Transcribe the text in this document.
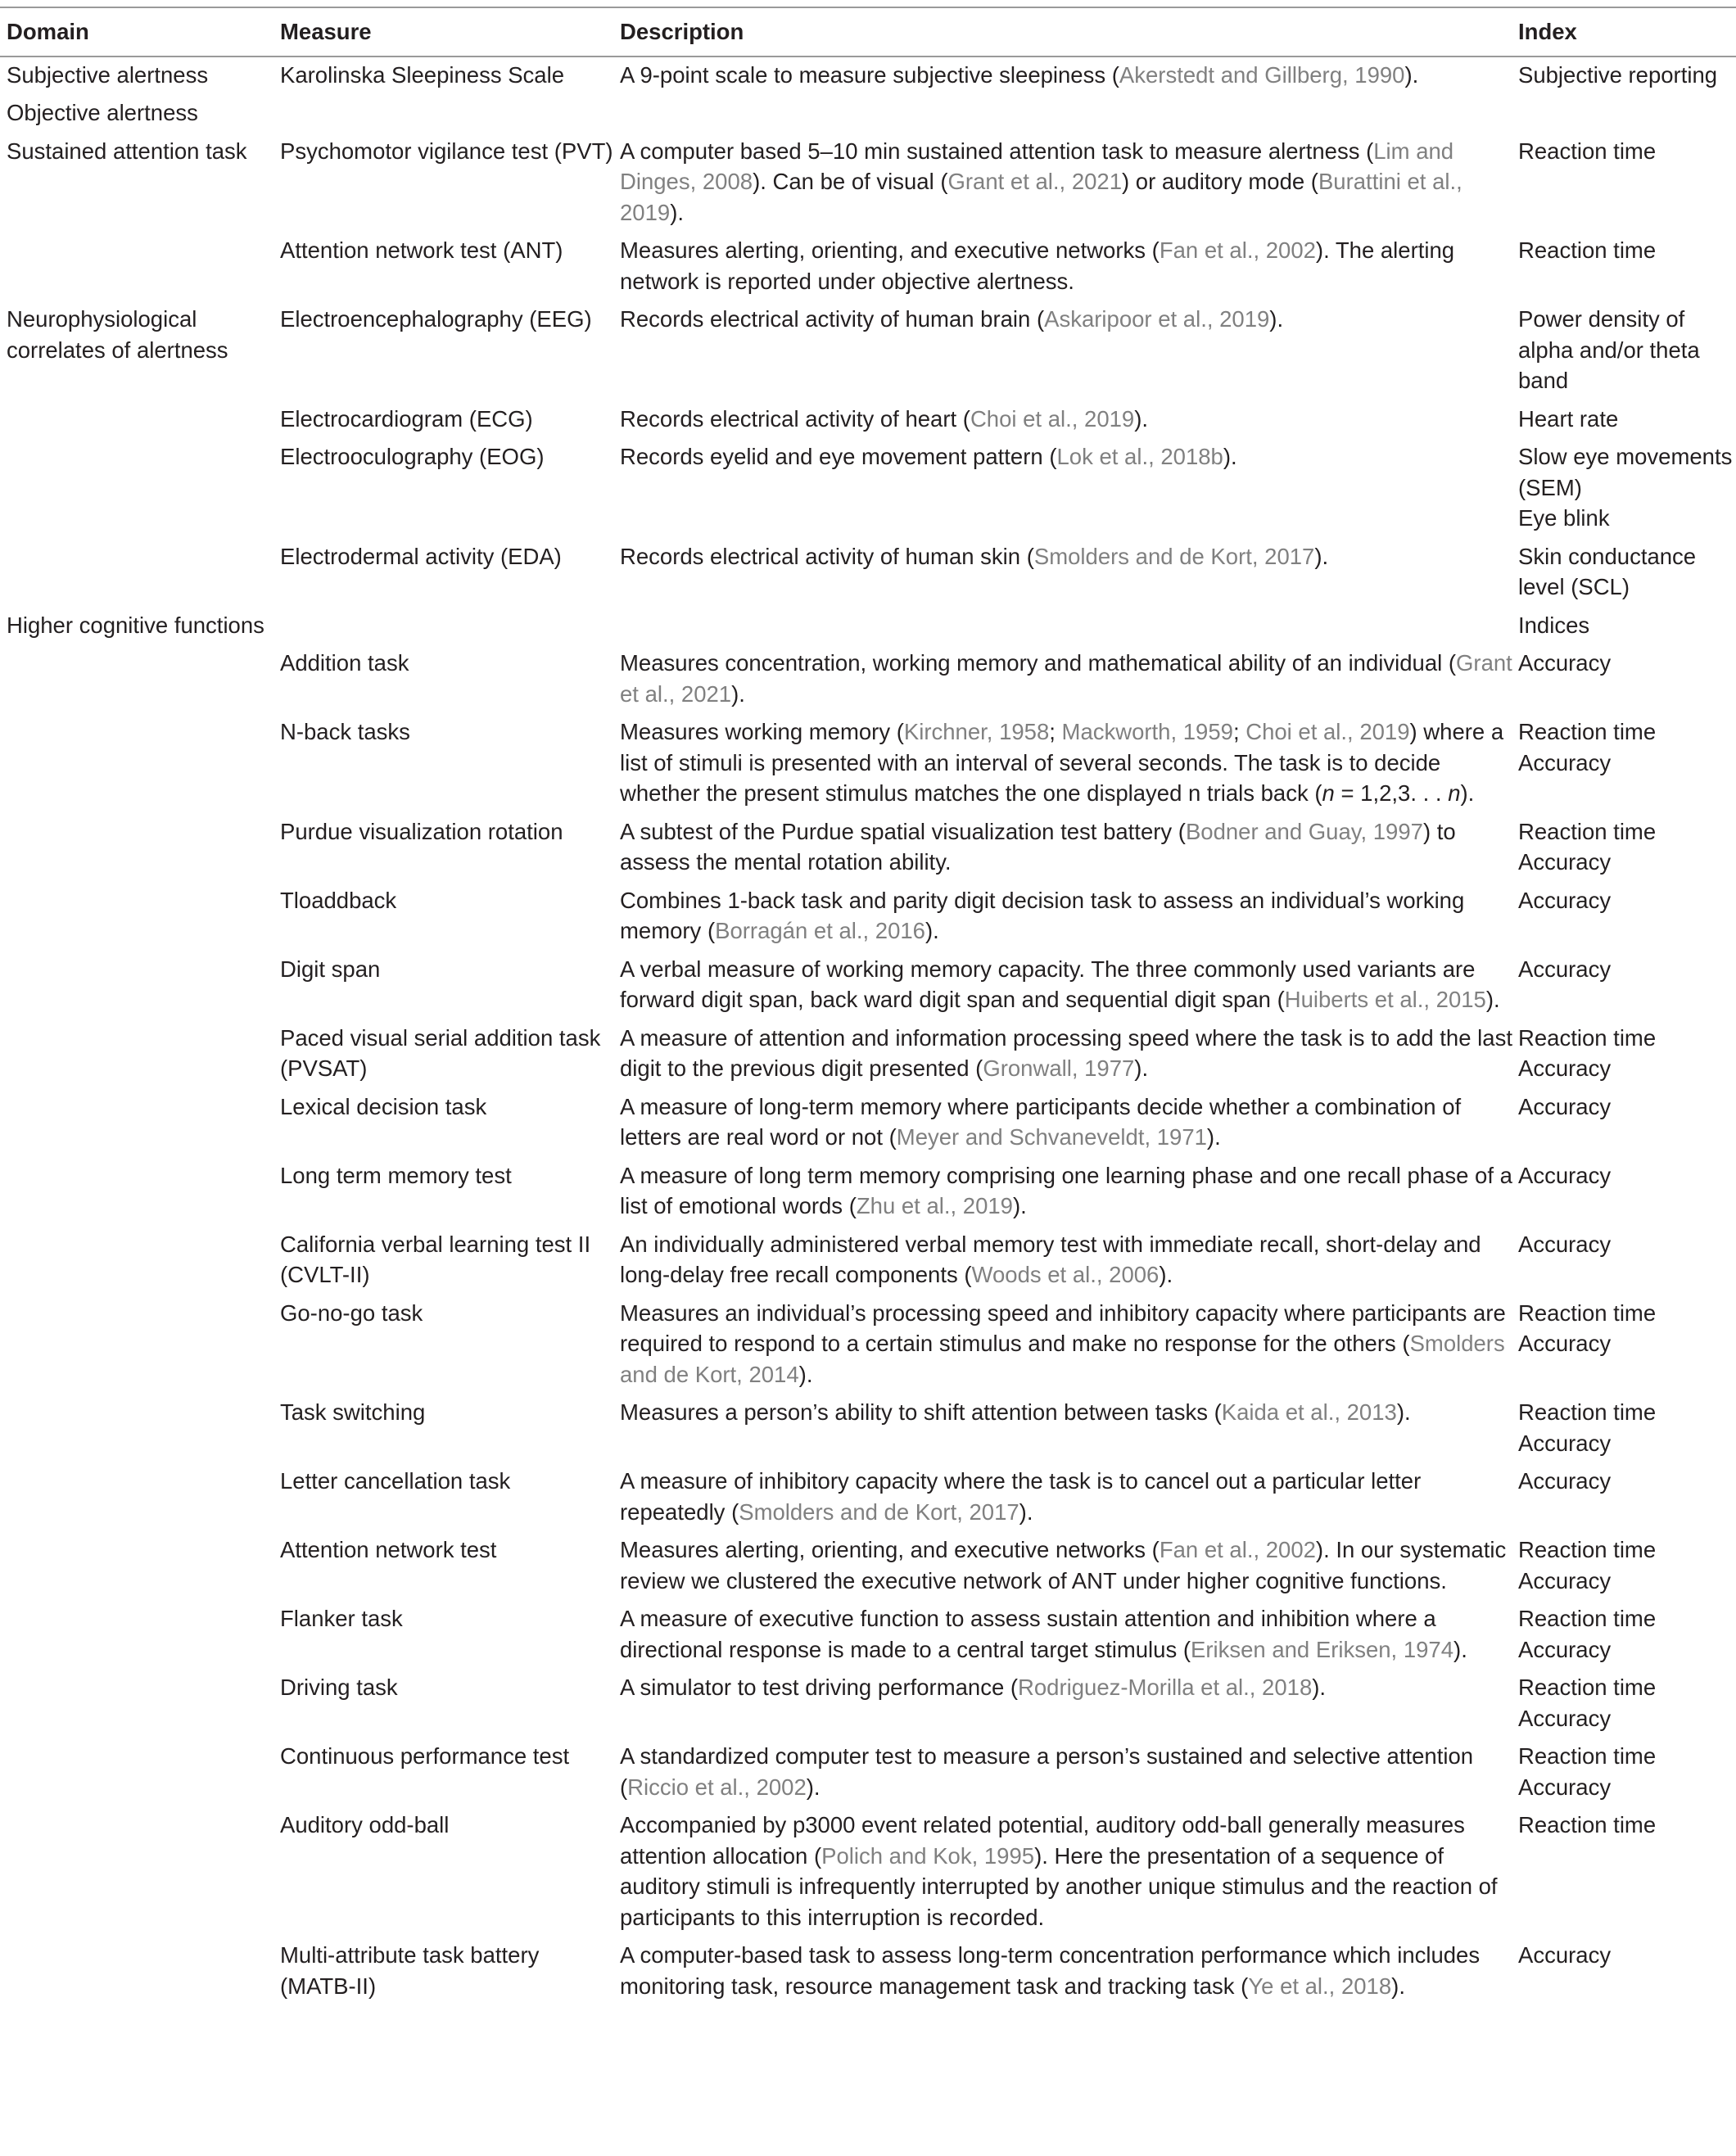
Domain	Measure	Description	Index
Subjective alertness	Karolinska Sleepiness Scale	A 9-point scale to measure subjective sleepiness (Akerstedt and Gillberg, 1990).	Subjective reporting

Objective alertness			
Sustained attention task	Psychomotor vigilance test (PVT)	A computer based 5–10 min sustained attention task to measure alertness (Lim and Dinges, 2008). Can be of visual (Grant et al., 2021) or auditory mode (Burattini et al., 2019).	Reaction time

	Attention network test (ANT)	Measures alerting, orienting, and executive networks (Fan et al., 2002). The alerting network is reported under objective alertness.	Reaction time

Neurophysiological correlates of alertness	Electroencephalography (EEG)	Records electrical activity of human brain (Askaripoor et al., 2019).	Power density of alpha and/or theta band

	Electrocardiogram (ECG)	Records electrical activity of heart (Choi et al., 2019).	Heart rate

	Electrooculography (EOG)	Records eyelid and eye movement pattern (Lok et al., 2018b).	Slow eye movements (SEM)
Eye blink

	Electrodermal activity (EDA)	Records electrical activity of human skin (Smolders and de Kort, 2017).	Skin conductance level (SCL)

Higher cognitive functions			Indices
	Addition task	Measures concentration, working memory and mathematical ability of an individual (Grant et al., 2021).	Accuracy

	N-back tasks	Measures working memory (Kirchner, 1958; Mackworth, 1959; Choi et al., 2019) where a list of stimuli is presented with an interval of several seconds. The task is to decide whether the present stimulus matches the one displayed n trials back (n = 1,2,3. . . n).	Reaction time
Accuracy

	Purdue visualization rotation	A subtest of the Purdue spatial visualization test battery (Bodner and Guay, 1997) to assess the mental rotation ability.	Reaction time
Accuracy

	Tloaddback	Combines 1-back task and parity digit decision task to assess an individual’s working memory (Borragán et al., 2016).	Accuracy

	Digit span	A verbal measure of working memory capacity. The three commonly used variants are forward digit span, back ward digit span and sequential digit span (Huiberts et al., 2015).	Accuracy

	Paced visual serial addition task (PVSAT)	A measure of attention and information processing speed where the task is to add the last digit to the previous digit presented (Gronwall, 1977).	Reaction time
Accuracy

	Lexical decision task	A measure of long-term memory where participants decide whether a combination of letters are real word or not (Meyer and Schvaneveldt, 1971).	Accuracy

	Long term memory test	A measure of long term memory comprising one learning phase and one recall phase of a list of emotional words (Zhu et al., 2019).	Accuracy

	California verbal learning test II (CVLT-II)	An individually administered verbal memory test with immediate recall, short-delay and long-delay free recall components (Woods et al., 2006).	Accuracy

	Go-no-go task	Measures an individual’s processing speed and inhibitory capacity where participants are required to respond to a certain stimulus and make no response for the others (Smolders and de Kort, 2014).	Reaction time
Accuracy

	Task switching	Measures a person’s ability to shift attention between tasks (Kaida et al., 2013).	Reaction time
Accuracy

	Letter cancellation task	A measure of inhibitory capacity where the task is to cancel out a particular letter repeatedly (Smolders and de Kort, 2017).	Accuracy

	Attention network test	Measures alerting, orienting, and executive networks (Fan et al., 2002). In our systematic review we clustered the executive network of ANT under higher cognitive functions.	Reaction time
Accuracy

	Flanker task	A measure of executive function to assess sustain attention and inhibition where a directional response is made to a central target stimulus (Eriksen and Eriksen, 1974).	Reaction time
Accuracy

	Driving task	A simulator to test driving performance (Rodriguez-Morilla et al., 2018).	Reaction time
Accuracy

	Continuous performance test	A standardized computer test to measure a person’s sustained and selective attention (Riccio et al., 2002).	Reaction time
Accuracy

	Auditory odd-ball	Accompanied by p3000 event related potential, auditory odd-ball generally measures attention allocation (Polich and Kok, 1995). Here the presentation of a sequence of auditory stimuli is infrequently interrupted by another unique stimulus and the reaction of participants to this interruption is recorded.	Reaction time

	Multi-attribute task battery (MATB-II)	A computer-based task to assess long-term concentration performance which includes monitoring task, resource management task and tracking task (Ye et al., 2018).	Accuracy
